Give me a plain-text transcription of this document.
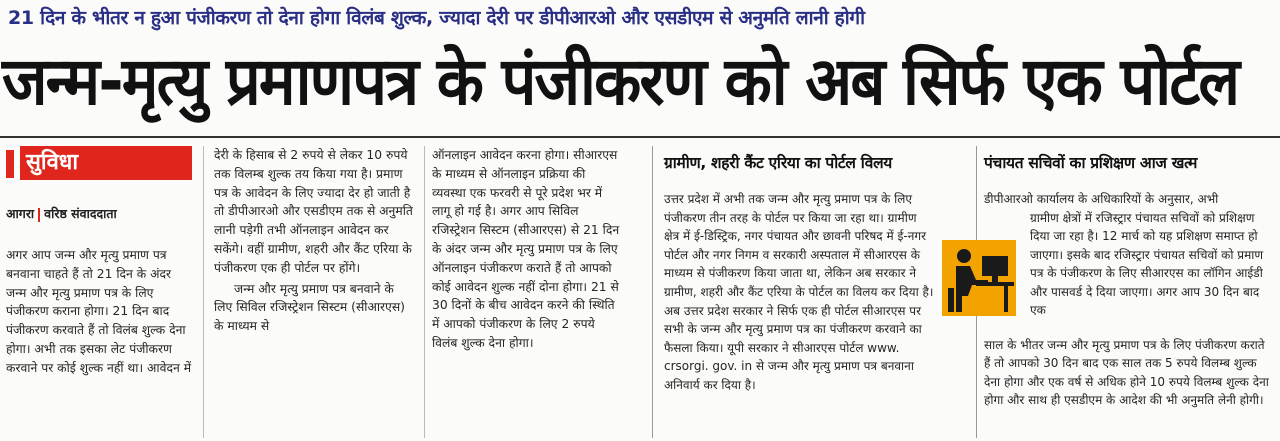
21 दिन के भीतर न हुआ पंजीकरण तो देना होगा विलंब शुल्क, ज्यादा देरी पर डीपीआरओ और एसडीएम से अनुमति लानी होगी
जन्म-मृत्यु प्रमाणपत्र के पंजीकरण को अब सिर्फ एक पोर्टल
सुविधा
आगरा वरिष्ठ संवाददाता

अगर आप जन्म और मृत्यु प्रमाण पत्र बनवाना चाहते हैं तो 21 दिन के अंदर जन्म और मृत्यु प्रमाण पत्र के लिए पंजीकरण कराना होगा। 21 दिन बाद पंजीकरण करवाते हैं तो विलंब शुल्क देना होगा। अभी तक इसका लेट पंजीकरण करवाने पर कोई शुल्क नहीं था। आवेदन में

देरी के हिसाब से 2 रुपये से लेकर 10 रुपये तक विलम्ब शुल्क तय किया गया है। प्रमाण पत्र के आवेदन के लिए ज्यादा देर हो जाती है तो डीपीआरओ और एसडीएम तक से अनुमति लानी पड़ेगी तभी ऑनलाइन आवेदन कर सकेंगे। वहीं ग्रामीण, शहरी और कैंट एरिया के पंजीकरण एक ही पोर्टल पर होंगे।

जन्म और मृत्यु प्रमाण पत्र बनवाने के लिए सिविल रजिस्ट्रेशन सिस्टम (सीआरएस) के माध्यम से

ऑनलाइन आवेदन करना होगा। सीआरएस के माध्यम से ऑनलाइन प्रक्रिया की व्यवस्था एक फरवरी से पूरे प्रदेश भर में लागू हो गई है। अगर आप सिविल रजिस्ट्रेशन सिस्टम (सीआरएस) से 21 दिन के अंदर जन्म और मृत्यु प्रमाण पत्र के लिए ऑनलाइन पंजीकरण कराते हैं तो आपको कोई आवेदन शुल्क नहीं दोना होगा। 21 से 30 दिनों के बीच आवेदन करने की स्थिति में आपको पंजीकरण के लिए 2 रुपये विलंब शुल्क देना होगा।

ग्रामीण, शहरी कैंट एरिया का पोर्टल विलय

उत्तर प्रदेश में अभी तक जन्म और मृत्यु प्रमाण पत्र के लिए पंजीकरण तीन तरह के पोर्टल पर किया जा रहा था। ग्रामीण क्षेत्र में ई-डिस्ट्रिक, नगर पंचायत और छावनी परिषद में ई-नगर पोर्टल और नगर निगम व सरकारी अस्पताल में सीआरएस के माध्यम से पंजीकरण किया जाता था, लेकिन अब सरकार ने ग्रामीण, शहरी और कैंट एरिया के पोर्टल का विलय कर दिया है। अब उत्तर प्रदेश सरकार ने सिर्फ एक ही पोर्टल सीआरएस पर सभी के जन्म और मृत्यु प्रमाण पत्र का पंजीकरण करवाने का फैसला किया। यूपी सरकार ने सीआरएस पोर्टल www. crsorgi. gov. in से जन्म और मृत्यु प्रमाण पत्र बनवाना अनिवार्य कर दिया है।

पंचायत सचिवों का प्रशिक्षण आज खत्म

डीपीआरओ कार्यालय के अधिकारियों के अनुसार, अभी

ग्रामीण क्षेत्रों में रजिस्ट्रार पंचायत सचिवों को प्रशिक्षण दिया जा रहा है। 12 मार्च को यह प्रशिक्षण समाप्त हो जाएगा। इसके बाद रजिस्ट्रार पंचायत सचिवों को प्रमाण पत्र के पंजीकरण के लिए सीआरएस का लॉगिन आईडी और पासवर्ड दे दिया जाएगा। अगर आप 30 दिन बाद एक

साल के भीतर जन्म और मृत्यु प्रमाण पत्र के लिए पंजीकरण कराते हैं तो आपको 30 दिन बाद एक साल तक 5 रुपये विलम्ब शुल्क देना होगा और एक वर्ष से अधिक होने 10 रुपये विलम्ब शुल्क देना होगा और साथ ही एसडीएम के आदेश की भी अनुमति लेनी होगी।
